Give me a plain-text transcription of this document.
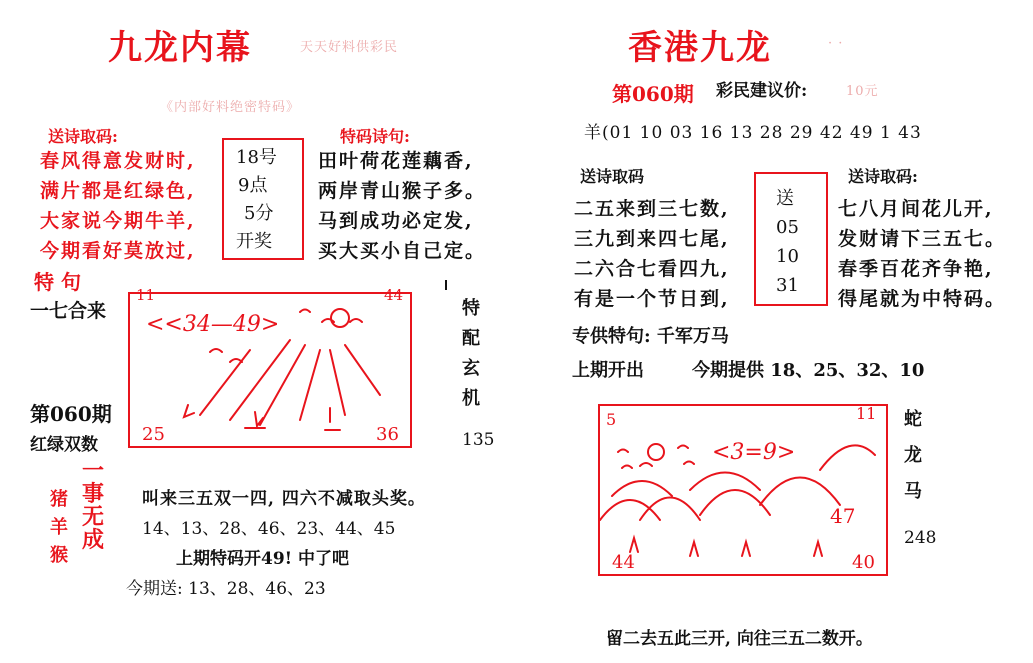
九龙内幕	天天好料供彩民
《内部好料绝密特码》
送诗取码:	特码诗句:
春风得意发财时,
满片都是红绿色,
大家说今期牛羊,
今期看好莫放过,
18号
9点
5分
开奖
田叶荷花莲藕香,
两岸青山猴子多。
马到成功必定发,
买大买小自己定。
特 句
一七合来
11	44
25	36
<<34—49>
特
配
玄
机
135
第060期
红绿双数
猪
羊
猴
一
事
无
成
叫来三五双一四, 四六不减取头奖。
14、13、28、46、23、44、45
上期特码开49! 中了吧
今期送: 13、28、46、23
香港九龙	· ·
第060期 彩民建议价:	10元
羊(01 10 03 16 13 28 29 42 49 1 43
送诗取码	送诗取码:
二五来到三七数,
三九到来四七尾,
二六合七看四九,
有是一个节日到,
送
05
10
31
七八月间花儿开,
发财请下三五七。
春季百花齐争艳,
得尾就为中特码。
专供特句: 千军万马
上期开出	今期提供 18、25、32、10
5	11
44	40
<3=9>
47
蛇
龙
马
248
留二去五此三开, 向往三五二数开。
